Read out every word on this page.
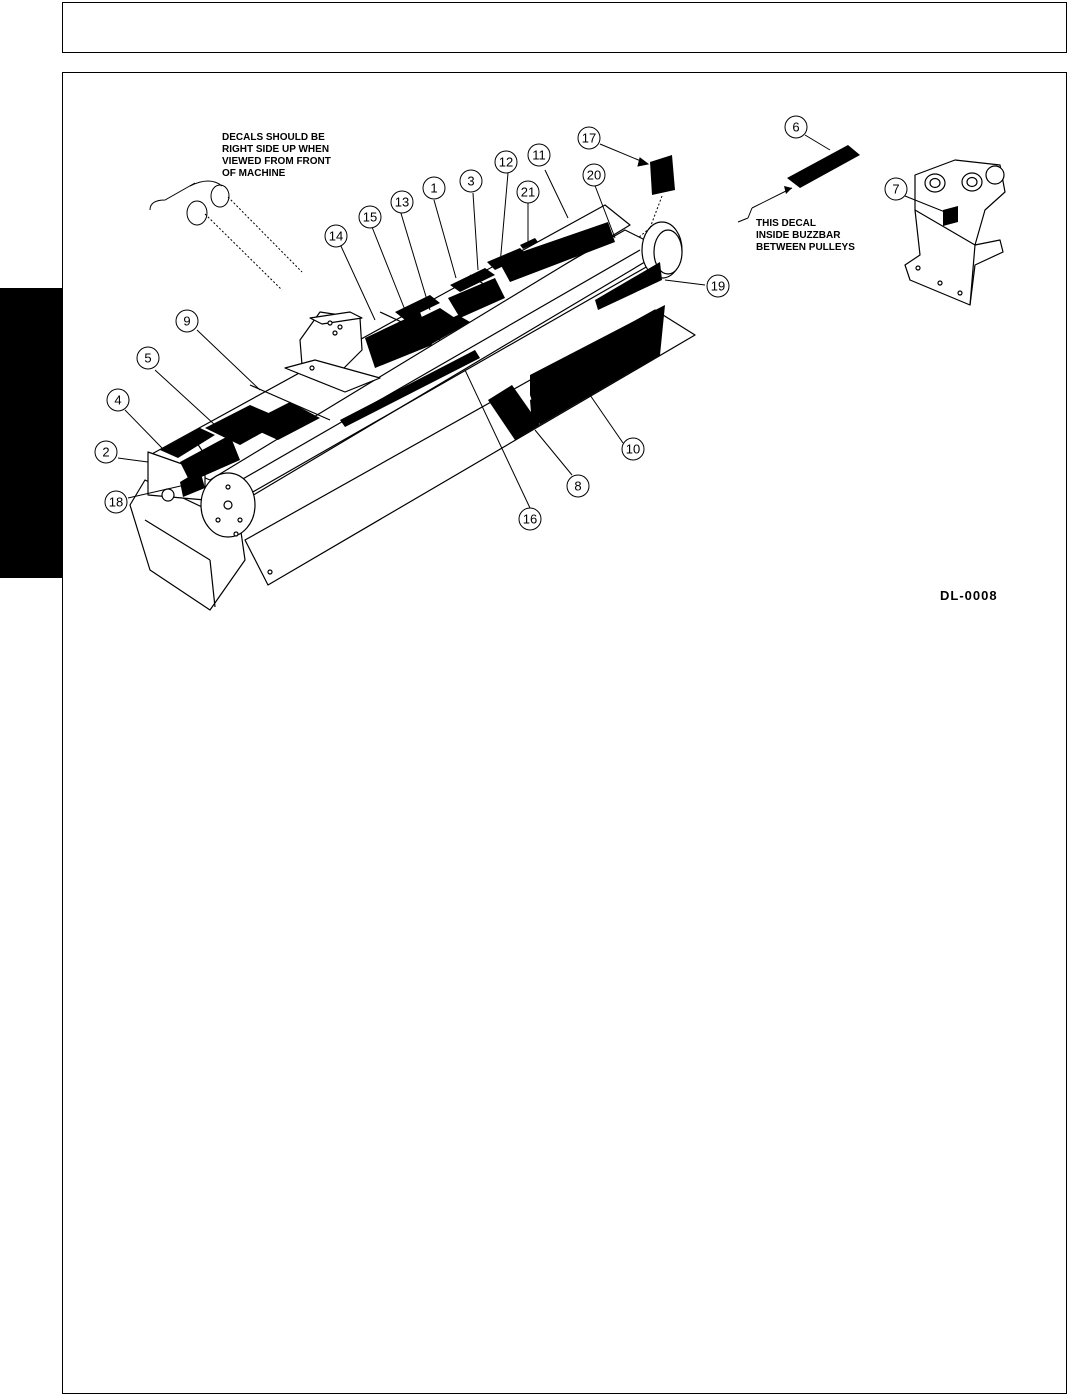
1
2
3
4
5
6
7
8
9
10
11
12
13
14
15
16
17
18
19
20
21
DECALS SHOULD BE
RIGHT SIDE UP WHEN
VIEWED FROM FRONT
OF MACHINE
THIS DECAL
INSIDE BUZZBAR
BETWEEN PULLEYS
DL-0008
